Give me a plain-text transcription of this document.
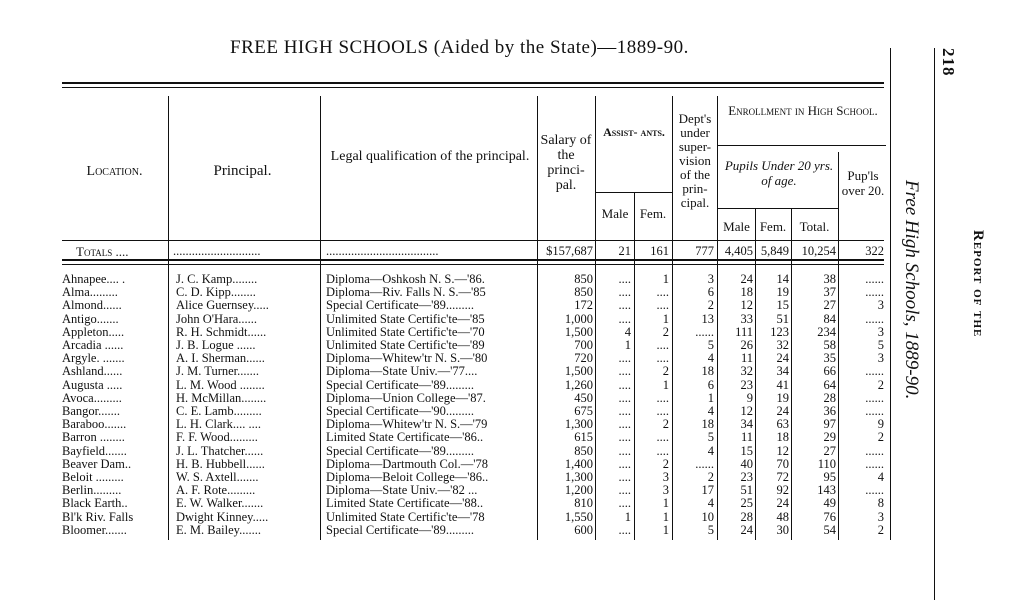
FREE HIGH SCHOOLS (Aided by the State)—1889-90.
218
Free High Schools, 1889-90.	Report of the
Location.	Principal.
Legal qualification of the principal.
Salary of the princi- pal.
Assist- ants.
Male Fem.
Dept's under super- vision of the prin- cipal.
Enrollment in High School.
Pupils Under 20 yrs. of age.
Male Fem.	Total.
Pup'ls over 20.
Totals ....	............................	....................................	$157,687	21	161	777 4,405 5,849	10,254	322
Ahnapee.... .	J. C. Kamp........	Diploma—Oshkosh N. S.—'86.	850	....	1	3	24	14	38	......
Alma.........	C. D. Kipp........	Diploma—Riv. Falls N. S.—'85	850	....	....	6	18	19	37	......
Almond......	Alice Guernsey.....	Special Certificate—'89.........	172	....	....	2	12	15	27	3
Antigo.......	John O'Hara......	Unlimited State Certific'te—'85	1,000	....	1	13	33	51	84	......
Appleton.....	R. H. Schmidt......	Unlimited State Certific'te—'70	1,500	4	2	......	111	123	234	3
Arcadia ......	J. B. Logue ......	Unlimited State Certific'te—'89	700	1	....	5	26	32	58	5
Argyle. .......	A. I. Sherman......	Diploma—Whitew'tr N. S.—'80	720	....	....	4	11	24	35	3
Ashland......	J. M. Turner.......	Diploma—State Univ.—'77....	1,500	....	2	18	32	34	66	......
Augusta .....	L. M. Wood ........	Special Certificate—'89.........	1,260	....	1	6	23	41	64	2
Avoca.........	H. McMillan........	Diploma—Union College—'87.	450	....	....	1	9	19	28	......
Bangor.......	C. E. Lamb.........	Special Certificate—'90.........	675	....	....	4	12	24	36	......
Baraboo.......	L. H. Clark.... ....	Diploma—Whitew'tr N. S.—'79	1,300	....	2	18	34	63	97	9
Barron ........	F. F. Wood.........	Limited State Certificate—'86..	615	....	....	5	11	18	29	2
Bayfield.......	J. L. Thatcher......	Special Certificate—'89.........	850	....	....	4	15	12	27	......
Beaver Dam..	H. B. Hubbell......	Diploma—Dartmouth Col.—'78	1,400	....	2	......	40	70	110	......
Beloit .........	W. S. Axtell.......	Diploma—Beloit College—'86..	1,300	....	3	2	23	72	95	4
Berlin.........	A. F. Rote.........	Diploma—State Univ.—'82 ...	1,200	....	3	17	51	92	143	......
Black Earth..	E. W. Walker.......	Limited State Certificate—'88..	810	....	1	4	25	24	49	8
Bl'k Riv. Falls	Dwight Kinney.....	Unlimited State Certific'te—'78	1,550	1	1	10	28	48	76	3
Bloomer.......	E. M. Bailey.......	Special Certificate—'89.........	600	....	1	5	24	30	54	2
